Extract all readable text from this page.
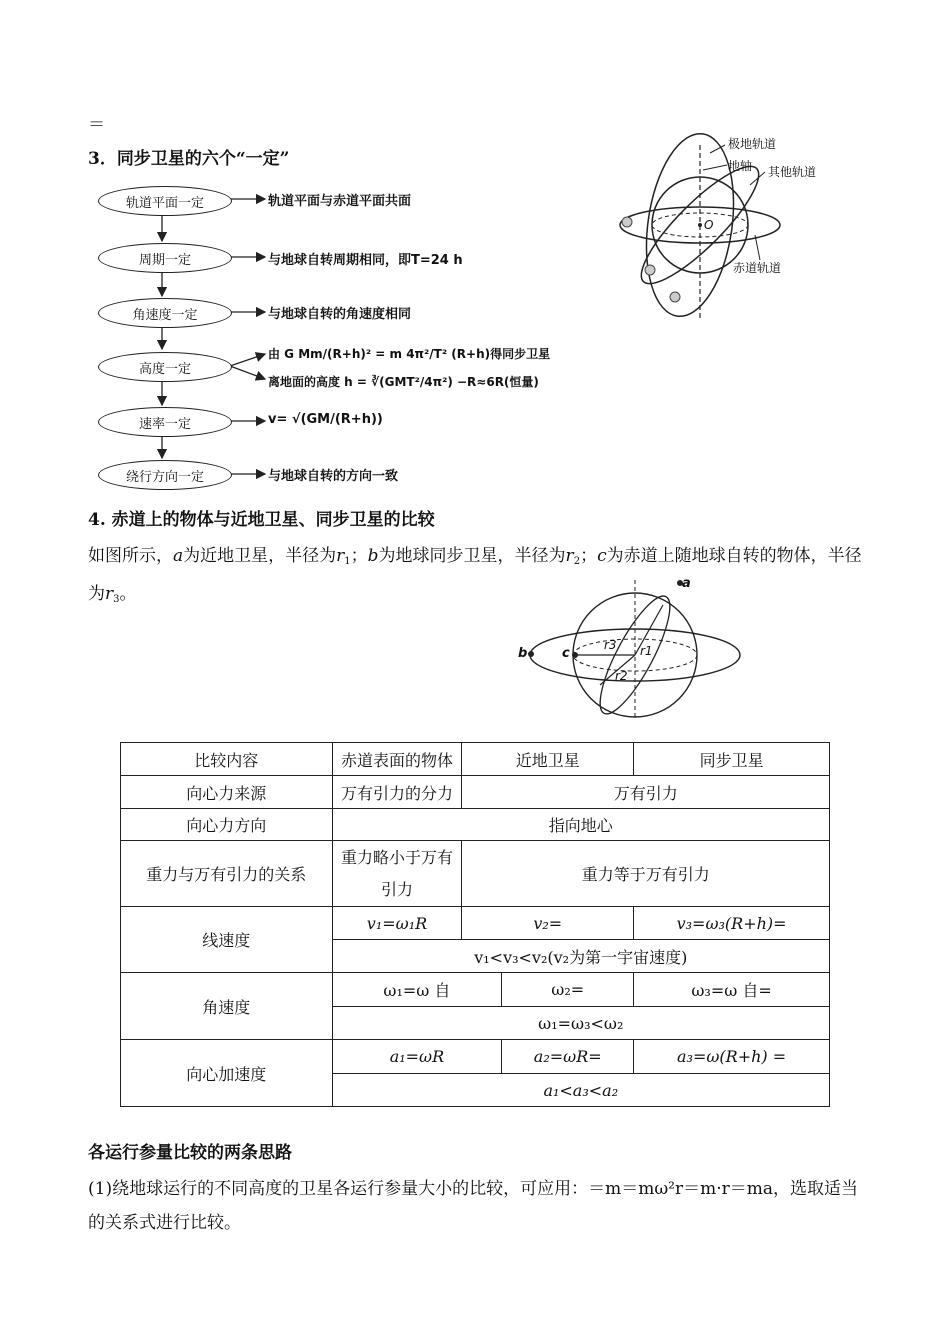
＝
3．同步卫星的六个“一定”
轨道平面一定
周期一定
角速度一定
高度一定
速率一定
绕行方向一定
轨道平面与赤道平面共面
与地球自转周期相同，即T=24 h
与地球自转的角速度相同
由 G Mm/(R+h)² = m 4π²/T² (R+h)得同步卫星
离地面的高度 h = ∛(GMT²/4π²) −R≈6R(恒量)
v= √(GM/(R+h))
与地球自转的方向一致
极地轨道
地轴 其他轨道
赤道轨道
O
4. 赤道上的物体与近地卫星、同步卫星的比较
如图所示，a为近地卫星，半径为$r_1$；b为地球同步卫星，半径为$r_2$；c为赤道上随地球自转的物体，半径为$r_3$。
a
b	c
r3 r1
r2
比较内容	赤道表面的物体	近地卫星		同步卫星
向心力来源	万有引力的分力	万有引力		
向心力方向	指向地心			
重力与万有引力的关系	重力略小于万有引力	重力等于万有引力		
线速度	v₁=ω₁R	v₂=		v₃=ω₃(R+h)=
	v₁<v₃<v₂(v₂为第一宇宙速度)			
角速度	ω₁=ω 自		ω₂=	ω₃=ω 自=
	ω₁=ω₃<ω₂			
向心加速度	a₁=ωR		a₂=ωR=	a₃=ω(R+h) =
	a₁<a₃<a₂			
各运行参量比较的两条思路
(1)绕地球运行的不同高度的卫星各运行参量大小的比较，可应用：＝m＝mω²r＝m·r＝ma，选取适当的关系式进行比较。
